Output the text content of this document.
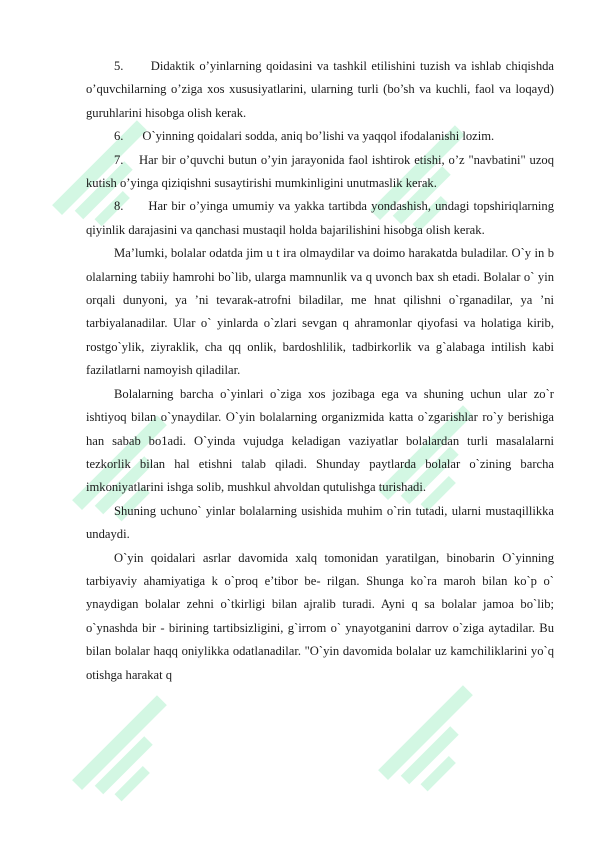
5. Didaktik o’yinlarning qoidasini va tashkil etilishini tuzish va ishlab chiqishda o’quvchilarning o’ziga xos xususiyatlarini, ularning turli (bo’sh va kuchli, faol va loqayd) guruhlarini hisobga olish kerak.

6. O`yinning qoidalari sodda, aniq bo’lishi va yaqqol ifodalanishi lozim.

7. Har bir o’quvchi butun o’yin jarayonida faol ishtirok etishi, o’z "navbatini" uzoq kutish o’yinga qiziqishni susaytirishi mumkinligini unutmaslik kerak.

8. Har bir o’yinga umumiy va yakka tartibda yondashish, undagi topshiriqlarning qiyinlik darajasini va qanchasi mustaqil holda bajarilishini hisobga olish kerak.

Ma’lumki, bolalar odatda jim u t ira olmaydilar va doimo harakatda buladilar. O`y in b olalarning tabiiy hamrohi bo`lib, ularga mamnunlik va q uvonch bax sh etadi. Bolalar o` yin orqali dunyoni, ya ’ni tevarak-atrofni biladilar, me hnat qilishni o`rganadilar, ya ’ni tarbiyalanadilar. Ular o` yinlarda o`zlari sevgan q ahramonlar qiyofasi va holatiga kirib, rostgo`ylik, ziyraklik, cha qq onlik, bardoshlilik, tadbirkorlik va g`alabaga intilish kabi fazilatlarni namoyish qiladilar.

Bolalarning barcha o`yinlari o`ziga xos jozibaga ega va shuning uchun ular zo`r ishtiyoq bilan o`ynaydilar. O`yin bolalarning organizmida katta o`zgarishlar ro`y berishiga han sabab bo1adi. O`yinda vujudga keladigan vaziyatlar bolalardan turli masalalarni tezkorlik bilan hal etishni talab qiladi. Shunday paytlarda bolalar o`zining barcha imkoniyatlarini ishga solib, mushkul ahvoldan qutulishga turishadi.

Shuning uchuno` yinlar bolalarning usishida muhim o`rin tutadi, ularni mustaqillikka undaydi.

O`yin qoidalari asrlar davomida xalq tomonidan yaratilgan, binobarin O`yinning tarbiyaviy ahamiyatiga k o`proq e’tibor be- rilgan. Shunga ko`ra maroh bilan ko`p o` ynaydigan bolalar zehni o`tkirligi bilan ajralib turadi. Ayni q sa bolalar jamoa bo`lib; o`ynashda bir - birining tartibsizligini, g`irrom o` ynayotganini darrov o`ziga aytadilar. Bu bilan bolalar haqq oniylikka odatlanadilar. "O`yin davomida bolalar uz kamchiliklarini yo`q otishga harakat q
